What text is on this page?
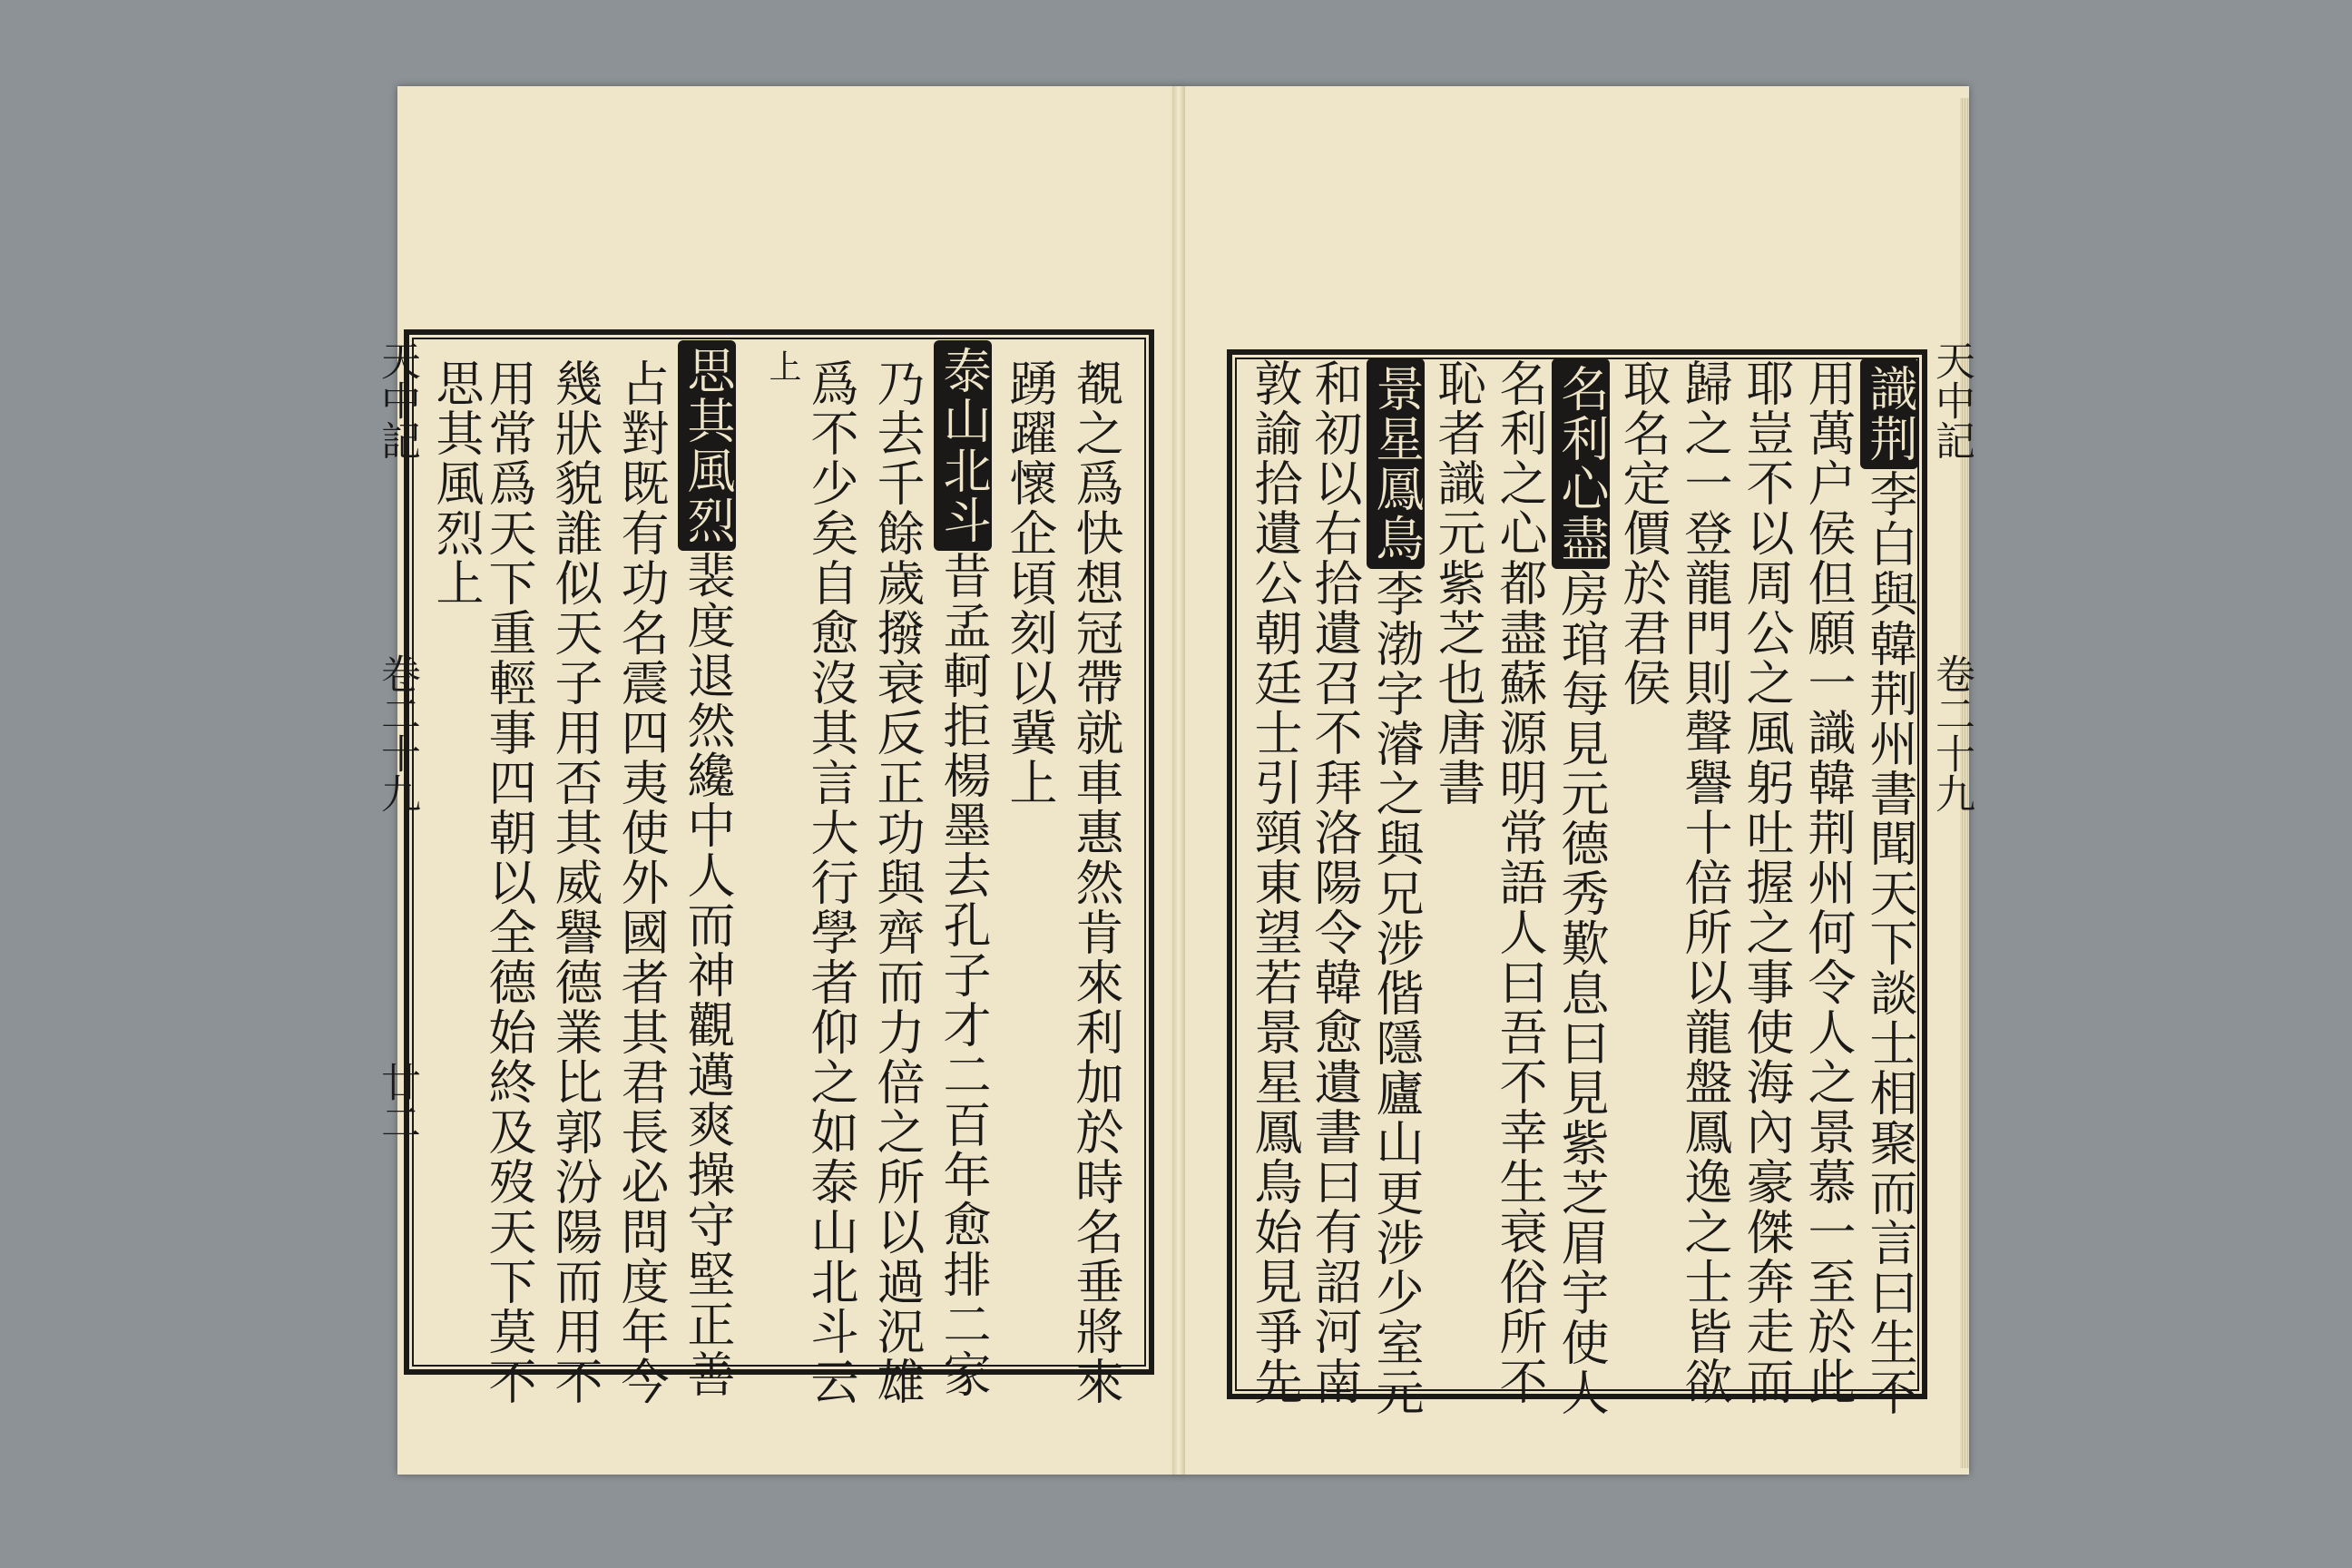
天中記
卷二十九
廿二
天中記
卷二十九
覩之爲快想冠帶就車惠然肯來利加於時名垂將來
踴躍懷企頃刻以冀上
泰山北斗昔孟軻拒楊墨去孔子才二百年愈排二家
乃去千餘歲撥衰反正功與齊而力倍之所以過況雄
爲不少矣自愈沒其言大行學者仰之如泰山北斗云
上
思其風烈裴度退然纔中人而神觀邁爽操守堅正善
占對既有功名震四夷使外國者其君長必問度年今
幾狀貌誰似天子用否其威譽德業比郭汾陽而用不
用常爲天下重輕事四朝以全德始終及歿天下莫不
思其風烈上	識荆李白與韓荆州書聞天下談士相聚而言曰生不
用萬户侯但願一識韓荆州何令人之景慕一至於此
耶豈不以周公之風躬吐握之事使海內豪傑奔走而
歸之一登龍門則聲譽十倍所以龍盤鳳逸之士皆欲
取名定價於君侯
名利心盡房琯每見元德秀歎息曰見紫芝眉宇使人
名利之心都盡蘇源明常語人曰吾不幸生衰俗所不
恥者識元紫芝也唐書
景星鳳鳥李渤字濬之與兄涉偕隱廬山更涉少室元
和初以右拾遺召不拜洛陽令韓愈遺書曰有詔河南
敦諭拾遺公朝廷士引頸東望若景星鳳鳥始見爭先
